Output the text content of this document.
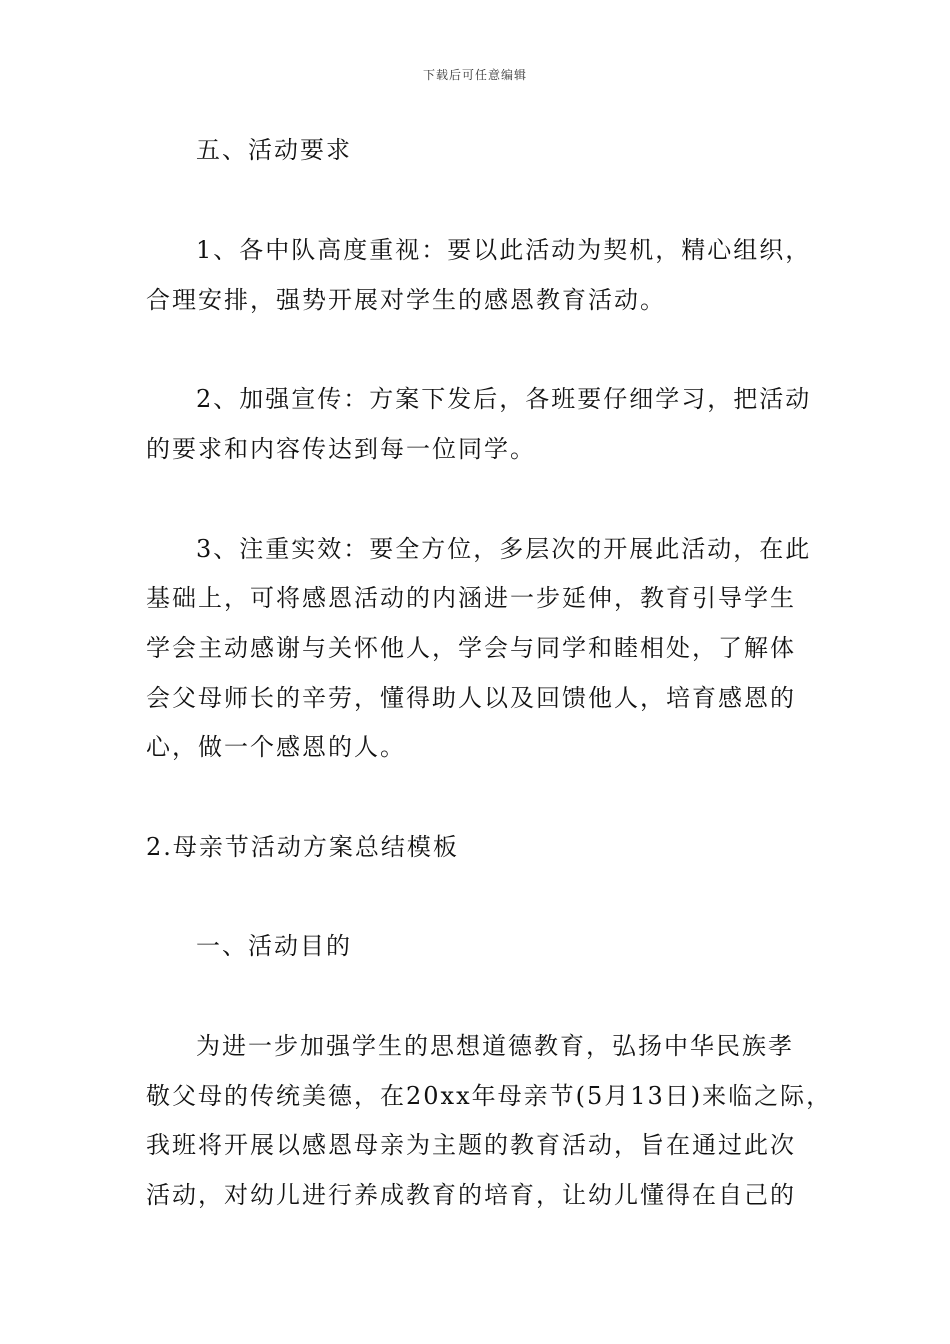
下载后可任意编辑
五、活动要求
1、各中队高度重视：要以此活动为契机，精心组织，
合理安排，强势开展对学生的感恩教育活动。
2、加强宣传：方案下发后，各班要仔细学习，把活动
的要求和内容传达到每一位同学。
3、注重实效：要全方位，多层次的开展此活动，在此
基础上，可将感恩活动的内涵进一步延伸，教育引导学生
学会主动感谢与关怀他人，学会与同学和睦相处，了解体
会父母师长的辛劳，懂得助人以及回馈他人，培育感恩的
心，做一个感恩的人。
2.母亲节活动方案总结模板
一、活动目的
为进一步加强学生的思想道德教育，弘扬中华民族孝
敬父母的传统美德，在20xx年母亲节(5月13日)来临之际，
我班将开展以感恩母亲为主题的教育活动，旨在通过此次
活动，对幼儿进行养成教育的培育，让幼儿懂得在自己的
